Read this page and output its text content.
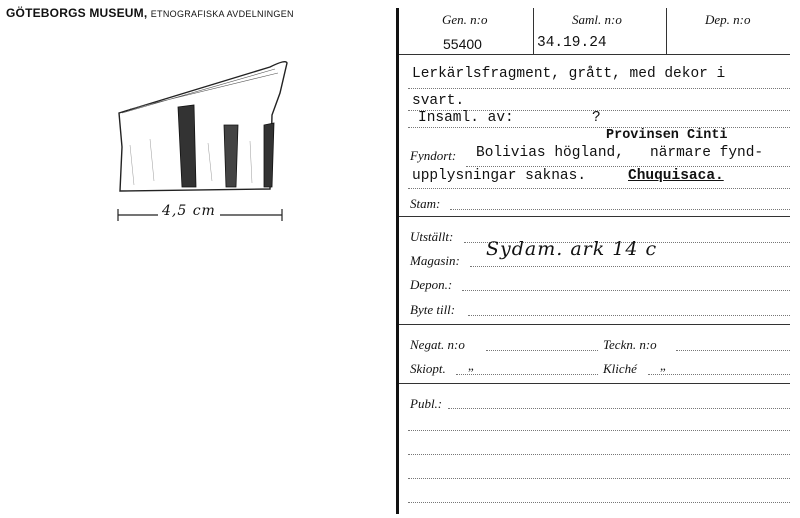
GÖTEBORGS MUSEUM, ETNOGRAFISKA AVDELNINGEN
4,5 cm
Gen. n:o	Saml. n:o	Dep. n:o
55400	34.19.24
Lerkärlsfragment, grått, med dekor i
svart.
Insaml. av:	?
Provinsen Cinti
Fyndort: Bolivias högland, närmare fynd-
upplysningar saknas.	Chuquisaca.
Stam:
Utställt:
Magasin:
Sydam. ark 14 c
Depon.:
Byte till:
Negat. n:o	Teckn. n:o
Skiopt. „	Kliché „
Publ.:
